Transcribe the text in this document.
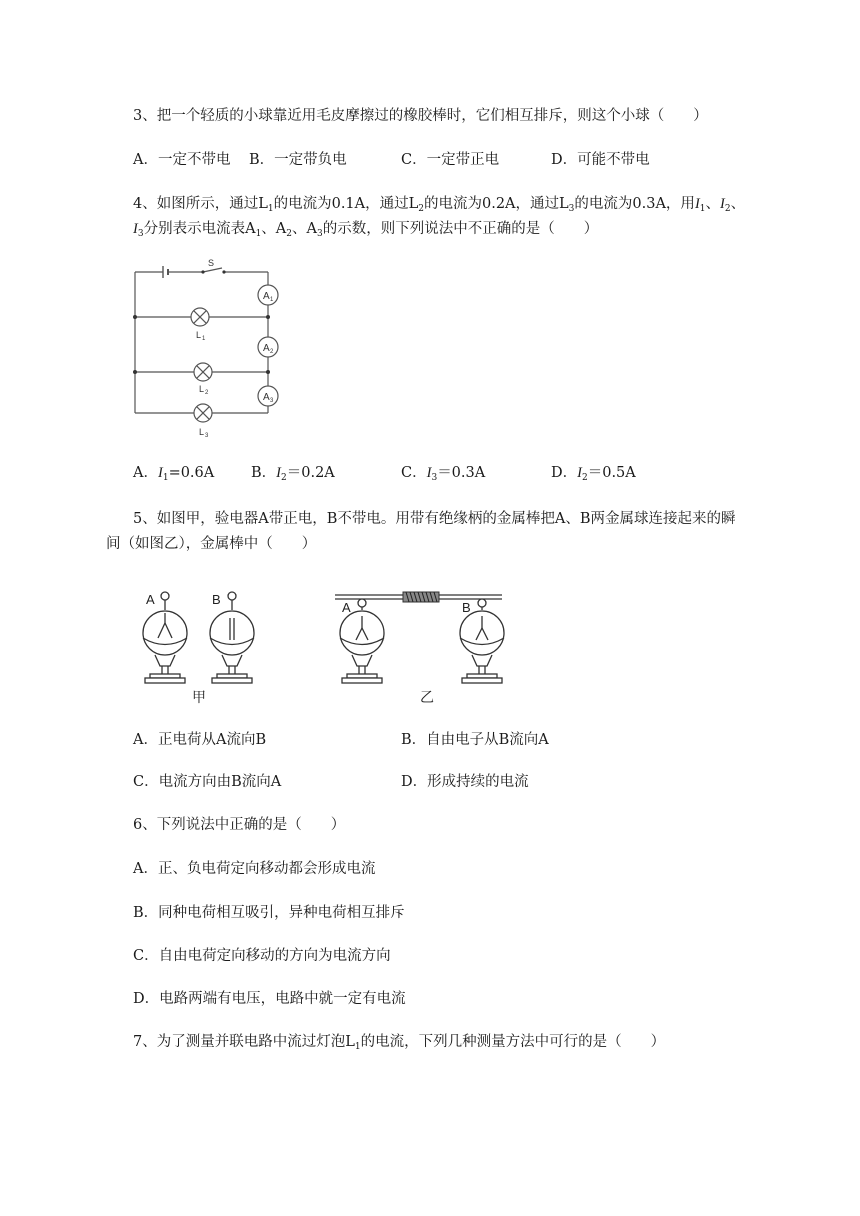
3、把一个轻质的小球靠近用毛皮摩擦过的橡胶棒时，它们相互排斥，则这个小球（　　）
A．一定不带电 B．一定带负电	C．一定带正电	D．可能不带电
4、如图所示，通过$L_1$的电流为0.1A，通过$L_2$的电流为0.2A，通过$L_3$的电流为0.3A，用$I_1$、$I_2$、
$I_3$分别表示电流表$A_1$、$A_2$、$A_3$的示数，则下列说法中不正确的是（　　）
S
A 1
A 2
A 3
L 1
L 2
L 3
A．$I_1=0.6A$	B．$I_2=0.2A$	C．$I_3=0.3A$	D．$I_2=0.5A$
5、如图甲，验电器A带正电，B不带电。用带有绝缘柄的金属棒把A、B两金属球连接起来的瞬
间（如图乙），金属棒中（　　）
A	B
甲
A	B
乙
A．正电荷从A流向B	B．自由电子从B流向A
C．电流方向由B流向A	D．形成持续的电流
6、下列说法中正确的是（　　）
A．正、负电荷定向移动都会形成电流
B．同种电荷相互吸引，异种电荷相互排斥
C．自由电荷定向移动的方向为电流方向
D．电路两端有电压，电路中就一定有电流
7、为了测量并联电路中流过灯泡$L_1$的电流，下列几种测量方法中可行的是（　　）
